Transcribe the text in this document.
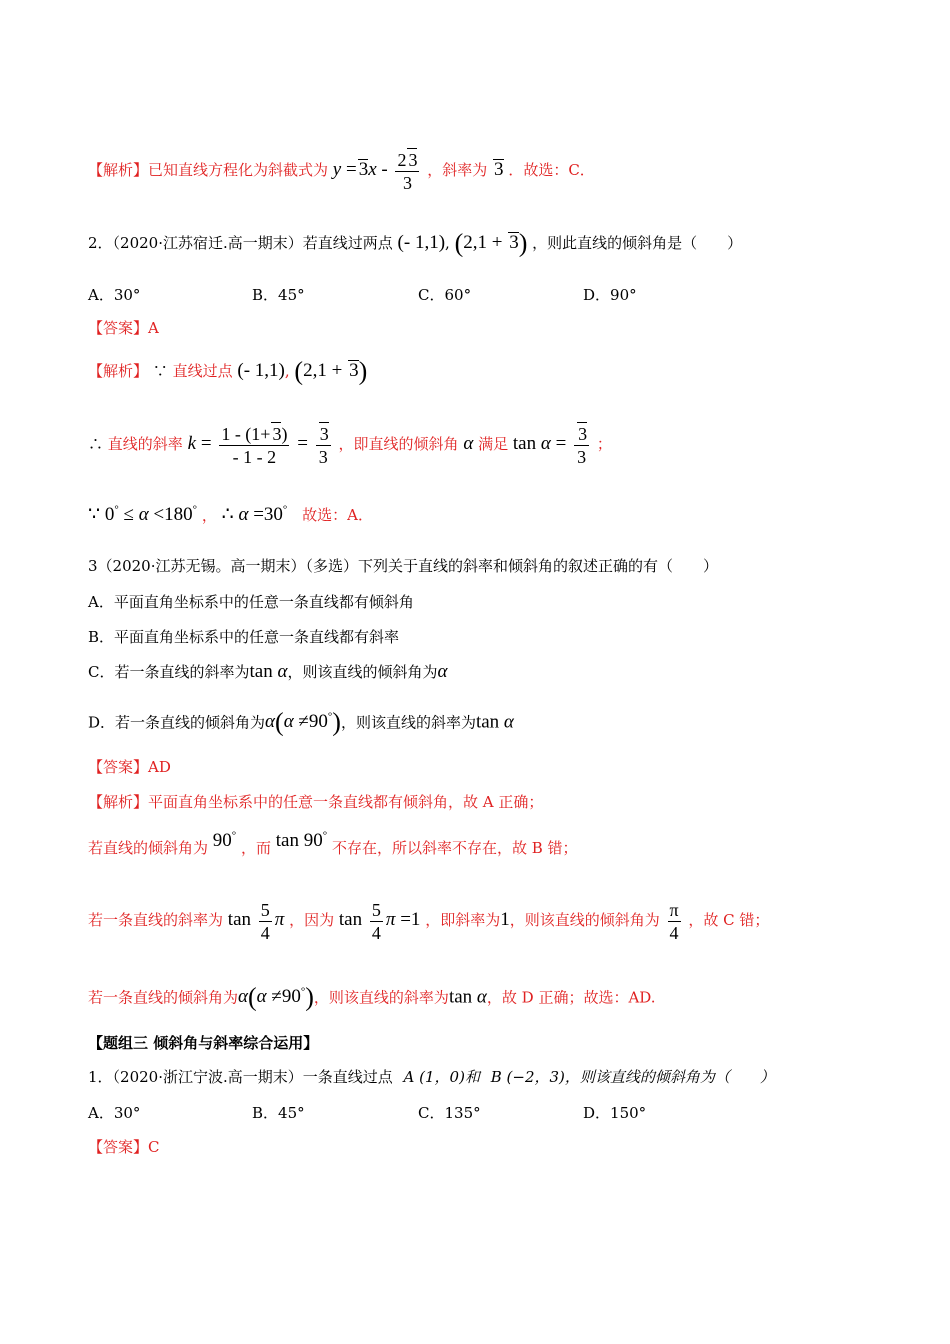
【解析】已知直线方程化为斜截式为 $y = 3x - \frac{2 3}{3}$ ，斜率为 3 ．故选：C．
2．（2020·江苏宿迁.高一期末）若直线过两点 (- 1,1), (2,1 + 3) ，则此直线的倾斜角是（　　）
A．30°	B．45°	C．60°	D．90°
【答案】A
【解析】 ∵ 直线过点 (- 1,1), (2,1 + 3)
∴ 直线的斜率 $k = \frac{1 - (1+ 3)}{- 1 - 2} = \frac{3}{3}$ ，即直线的倾斜角 α 满足 $\tan \alpha = \frac{3}{3}$ ；
∵ 0° ≤ α <180° ， ∴ α =30° 故选：A．
3（2020·江苏无锡。高一期末）（多选）下列关于直线的斜率和倾斜角的叙述正确的有（　　）
A．平面直角坐标系中的任意一条直线都有倾斜角
B．平面直角坐标系中的任意一条直线都有斜率
C．若一条直线的斜率为tan α，则该直线的倾斜角为α
D．若一条直线的倾斜角为α(α ≠90°)，则该直线的斜率为tan α
【答案】AD
【解析】平面直角坐标系中的任意一条直线都有倾斜角，故 A 正确；
若直线的倾斜角为 90° ，而 tan 90° 不存在，所以斜率不存在，故 B 错；
若一条直线的斜率为 $\tan \frac{5}{4}$ π ，因为 $\tan \frac{5}{4}$ π =1 ，即斜率为1，则该直线的倾斜角为 $\frac{\pi}{4}$ ，故 C 错；
若一条直线的倾斜角为α(α ≠90°)，则该直线的斜率为tan α，故 D 正确；故选：AD.
【题组三 倾斜角与斜率综合运用】
1．（2020·浙江宁波.高一期末）一条直线过点 A (1，0)和 B (−2，3)，则该直线的倾斜角为（　　）
A．30°	B．45°	C．135°	D．150°
【答案】C
